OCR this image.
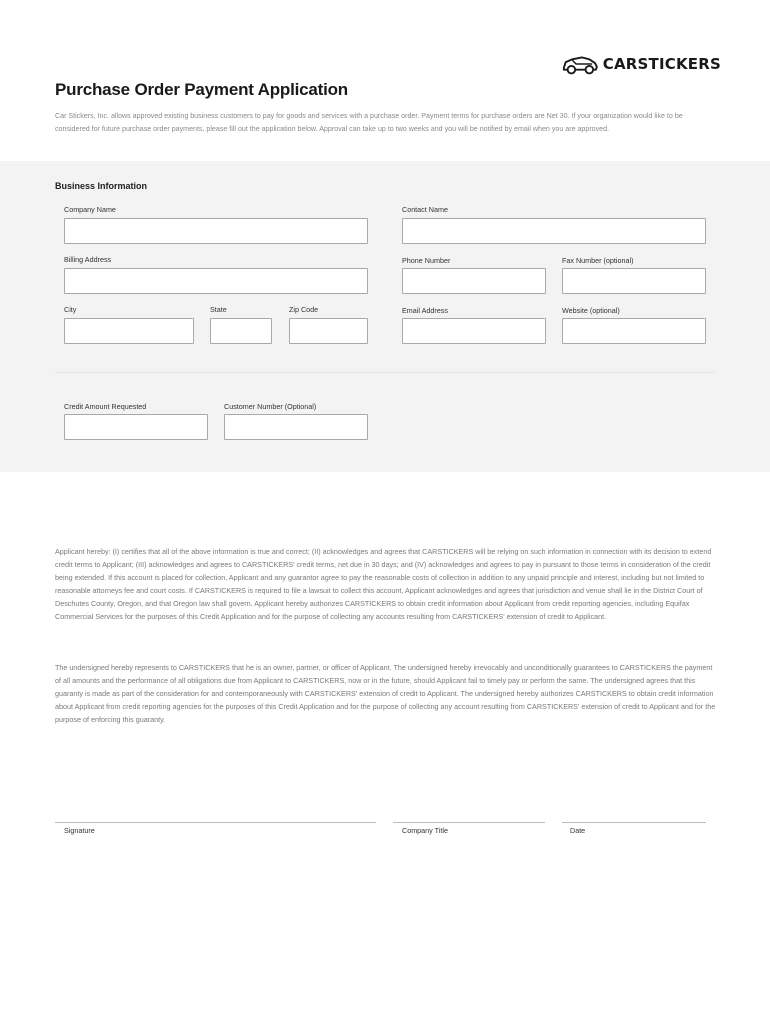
CARSTICKERS
Purchase Order Payment Application
Car Stickers, Inc. allows approved existing business customers to pay for goods and services with a purchase order. Payment terms for purchase orders are Net 30. If your organization would like to be considered for future purchase order payments, please fill out the application below. Approval can take up to two weeks and you will be notified by email when you are approved.
Business Information
Company Name	Contact Name
Billing Address	Phone Number	Fax Number (optional)
City	State	Zip Code	Email Address	Website (optional)
Credit Amount Requested	Customer Number (Optional)
Applicant hereby: (I) certifies that all of the above information is true and correct; (II) acknowledges and agrees that CARSTICKERS will be relying on such information in connection with its decision to extend credit terms to Applicant; (III) acknowledges and agrees to CARSTICKERS' credit terms, net due in 30 days; and (IV) acknowledges and agrees to pay in pursuant to those terms in consideration of the credit being extended. If this account is placed for collection, Applicant and any guarantor agree to pay the reasonable costs of collection in addition to any unpaid principle and interest, including but not limited to reasonable attorneys fee and court costs. If CARSTICKERS is required to file a lawsuit to collect this account, Applicant acknowledges and agrees that jurisdiction and venue shall lie in the District Court of Deschutes County, Oregon, and that Oregon law shall govern. Applicant hereby authorizes CARSTICKERS to obtain credit information about Applicant from credit reporting agencies, including Equifax Commercial Services for the purposes of this Credit Application and for the purpose of collecting any accounts resulting from CARSTICKERS' extension of credit to Applicant.
The undersigned hereby represents to CARSTICKERS that he is an owner, partner, or officer of Applicant. The undersigned hereby irrevocably and unconditionally guarantees to CARSTICKERS the payment of all amounts and the performance of all obligations due from Applicant to CARSTICKERS, now or in the future, should Applicant fail to timely pay or perform the same. The undersigned agrees that this guaranty is made as part of the consideration for and contemporaneously with CARSTICKERS' extension of credit to Applicant. The undersigned hereby authorizes CARSTICKERS to obtain credit information about Applicant from credit reporting agencies for the purposes of this Credit Application and for the purpose of collecting any account resulting from CARSTICKERS' extension of credit to Applicant and for the purpose of enforcing this guaranty.
Signature	Company Title	Date
